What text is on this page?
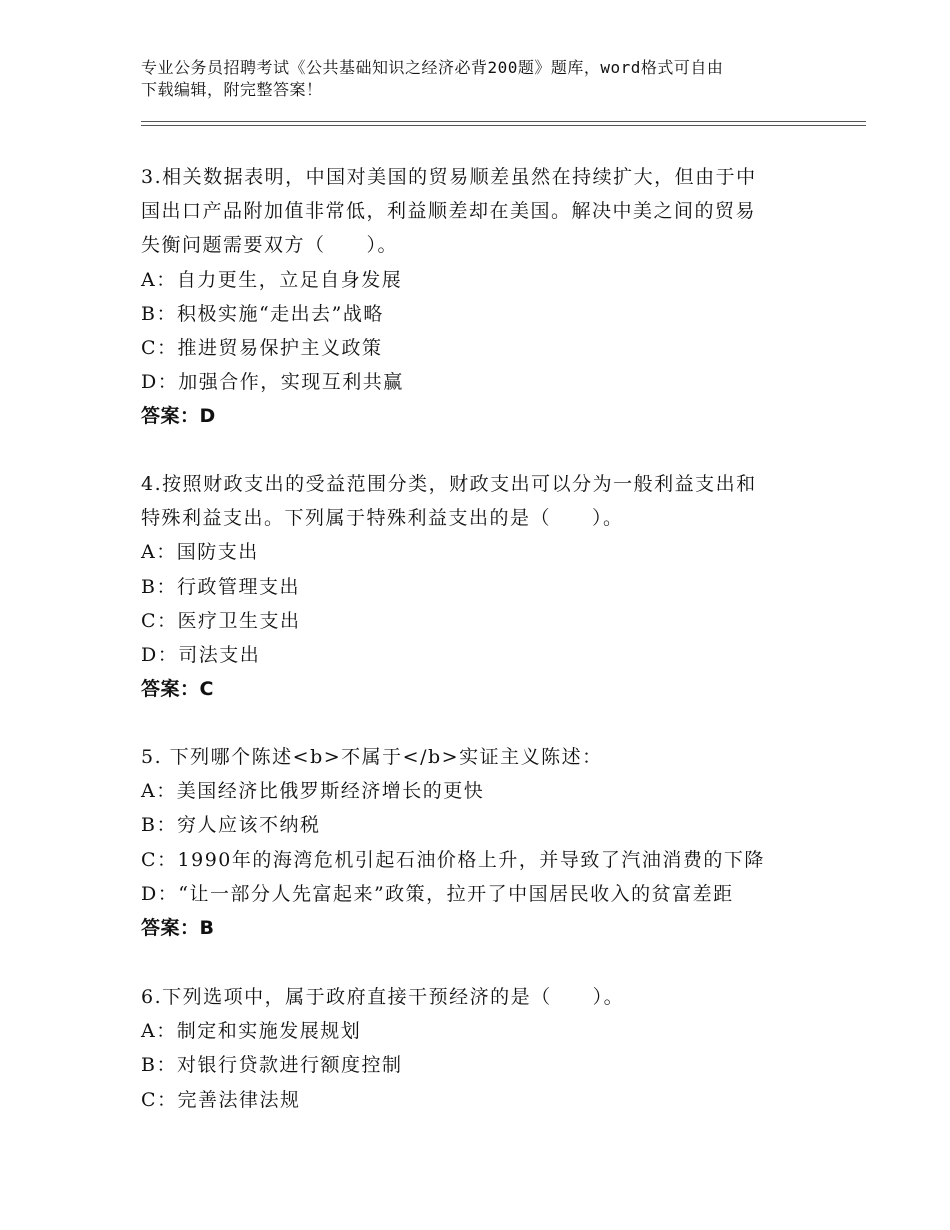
专业公务员招聘考试《公共基础知识之经济必背200题》题库，word格式可自由
下载编辑，附完整答案！
3.相关数据表明，中国对美国的贸易顺差虽然在持续扩大，但由于中
国出口产品附加值非常低，利益顺差却在美国。解决中美之间的贸易
失衡问题需要双方（　　）。
A：自力更生，立足自身发展
B：积极实施“走出去”战略
C：推进贸易保护主义政策
D：加强合作，实现互利共赢
答案：D
4.按照财政支出的受益范围分类，财政支出可以分为一般利益支出和
特殊利益支出。下列属于特殊利益支出的是（　　）。
A：国防支出
B：行政管理支出
C：医疗卫生支出
D：司法支出
答案：C
5. 下列哪个陈述<b>不属于</b>实证主义陈述：
A：美国经济比俄罗斯经济增长的更快
B：穷人应该不纳税
C：1990年的海湾危机引起石油价格上升，并导致了汽油消费的下降
D：“让一部分人先富起来”政策，拉开了中国居民收入的贫富差距
答案：B
6.下列选项中，属于政府直接干预经济的是（　　）。
A：制定和实施发展规划
B：对银行贷款进行额度控制
C：完善法律法规
